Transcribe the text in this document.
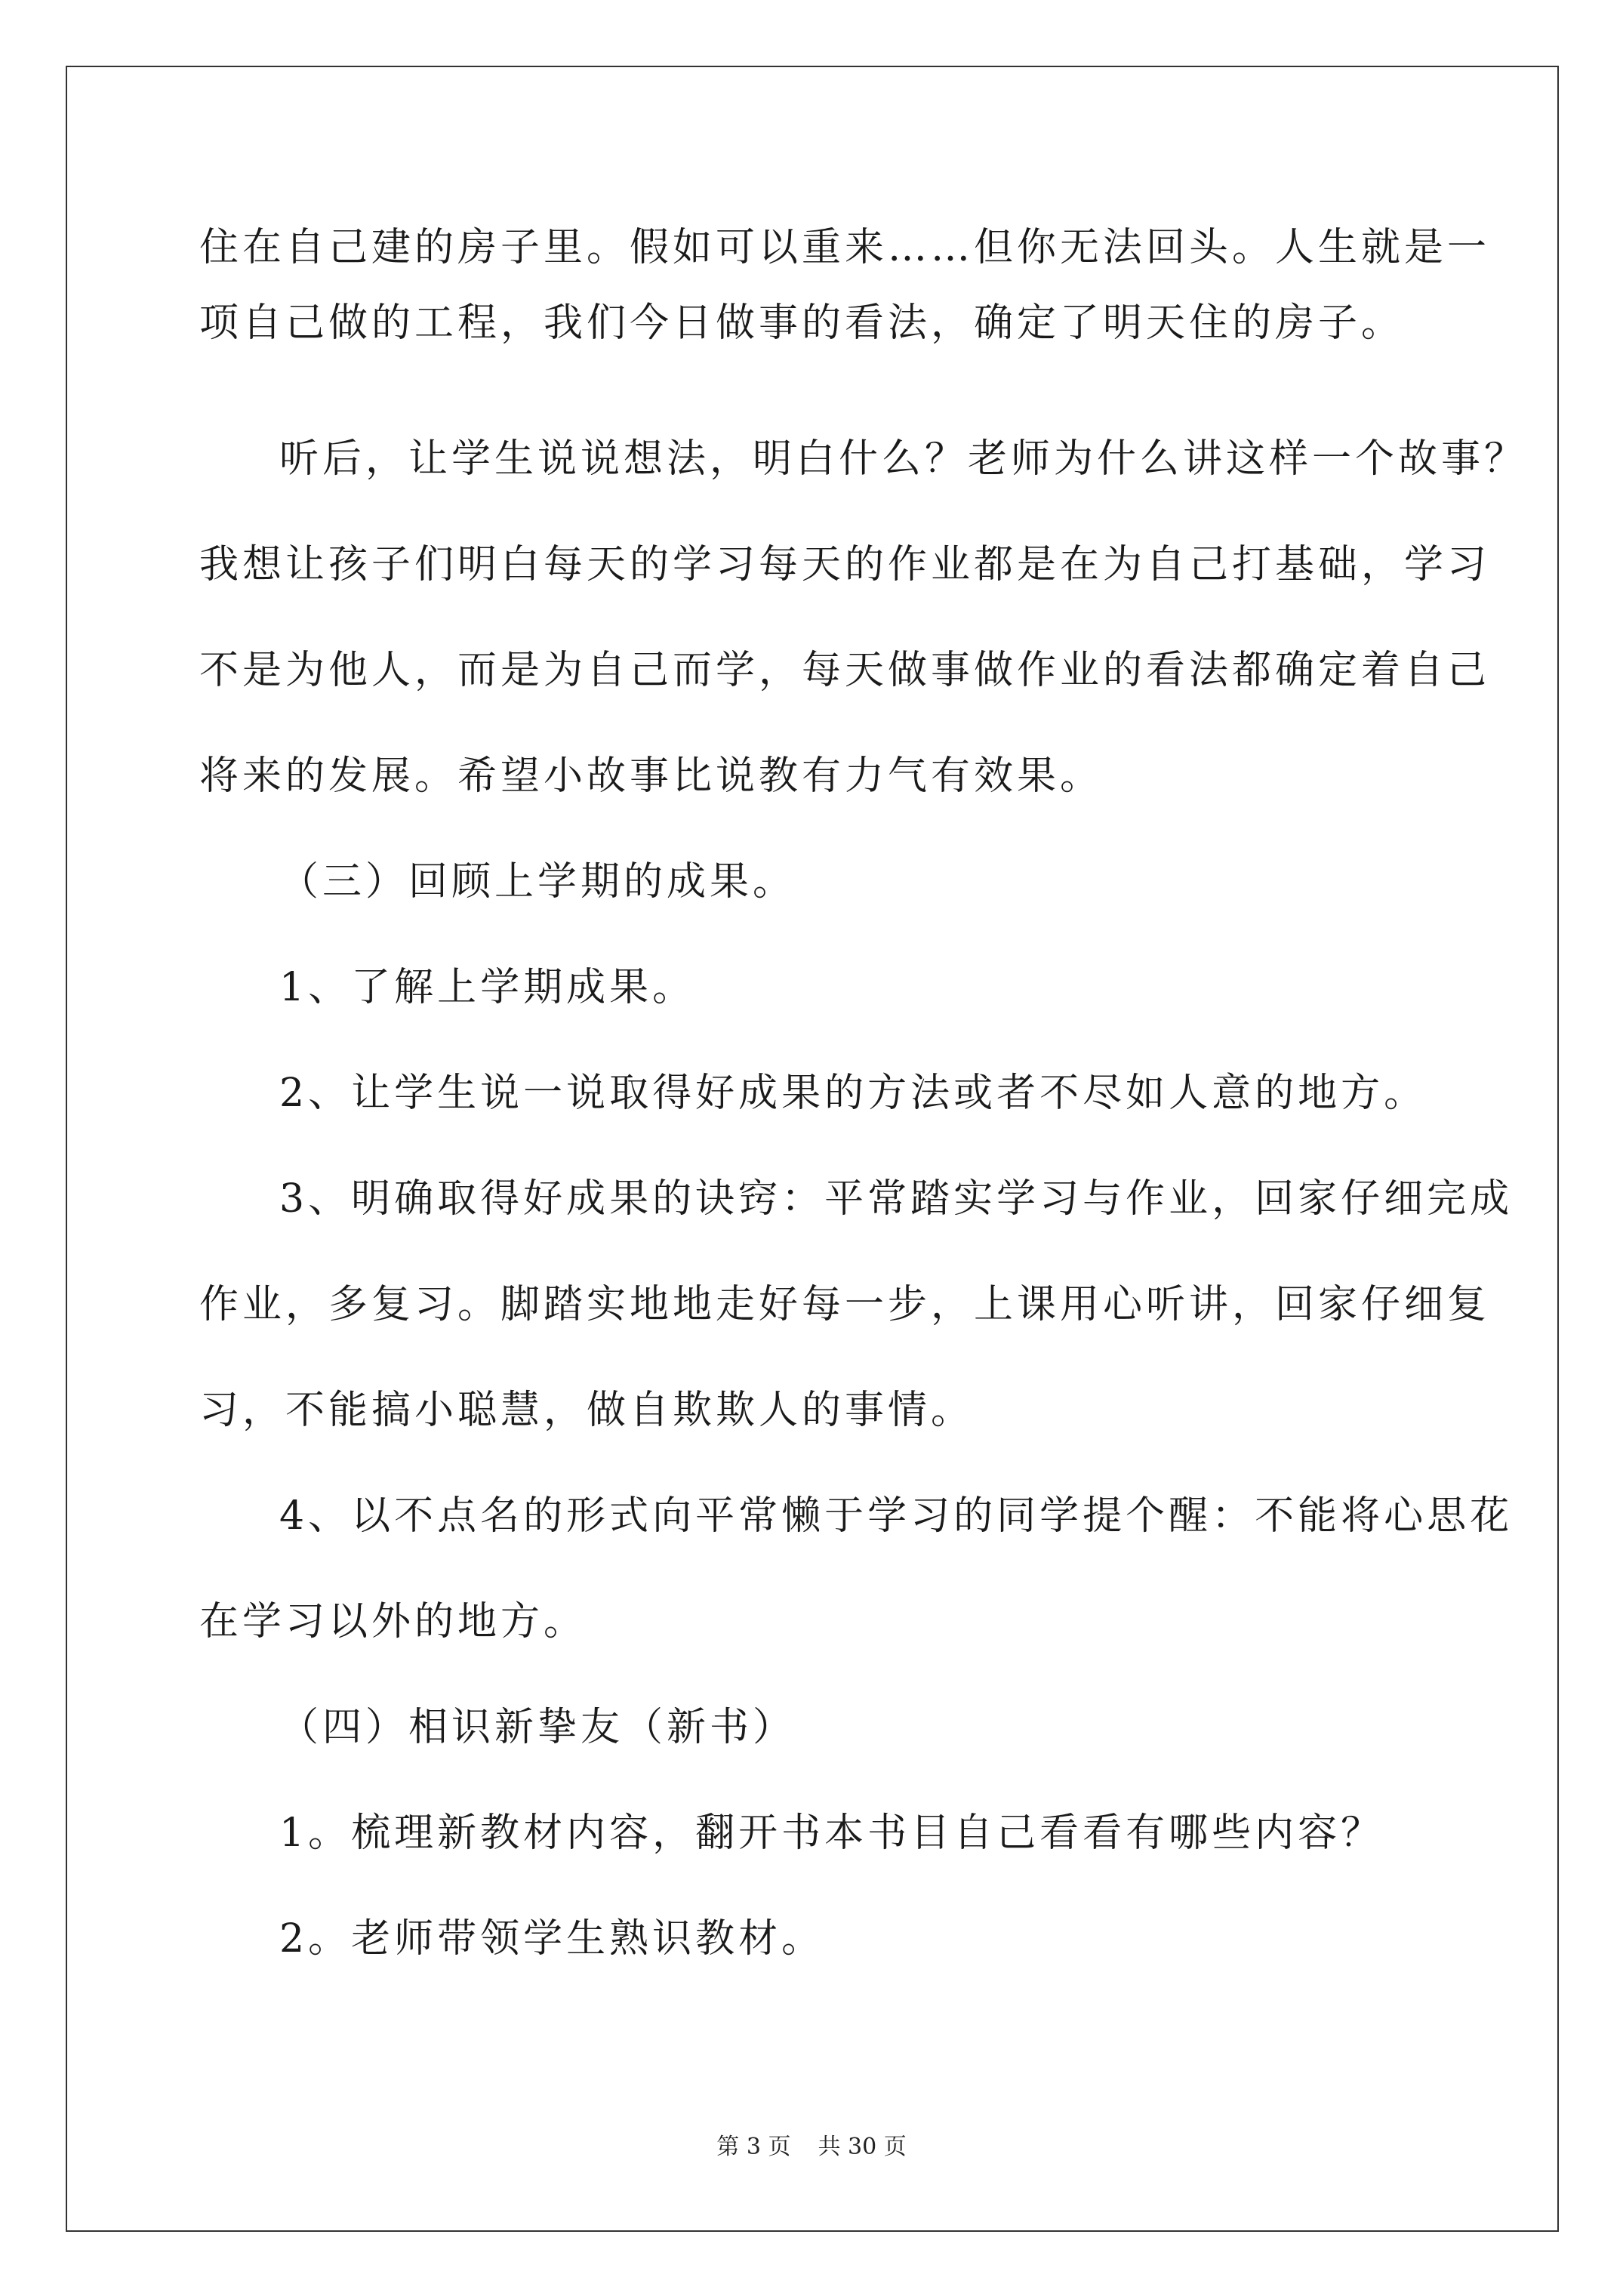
住在自己建的房子里。假如可以重来……但你无法回头。人生就是一
项自己做的工程，我们今日做事的看法，确定了明天住的房子。
听后，让学生说说想法，明白什么？老师为什么讲这样一个故事？
我想让孩子们明白每天的学习每天的作业都是在为自己打基础，学习
不是为他人，而是为自己而学，每天做事做作业的看法都确定着自己
将来的发展。希望小故事比说教有力气有效果。
（三）回顾上学期的成果。
1、了解上学期成果。
2、让学生说一说取得好成果的方法或者不尽如人意的地方。
3、明确取得好成果的诀窍：平常踏实学习与作业，回家仔细完成
作业，多复习。脚踏实地地走好每一步，上课用心听讲，回家仔细复
习，不能搞小聪慧，做自欺欺人的事情。
4、以不点名的形式向平常懒于学习的同学提个醒：不能将心思花
在学习以外的地方。
（四）相识新挚友（新书）
1。梳理新教材内容，翻开书本书目自己看看有哪些内容？
2。老师带领学生熟识教材。
第 3 页 共 30 页
